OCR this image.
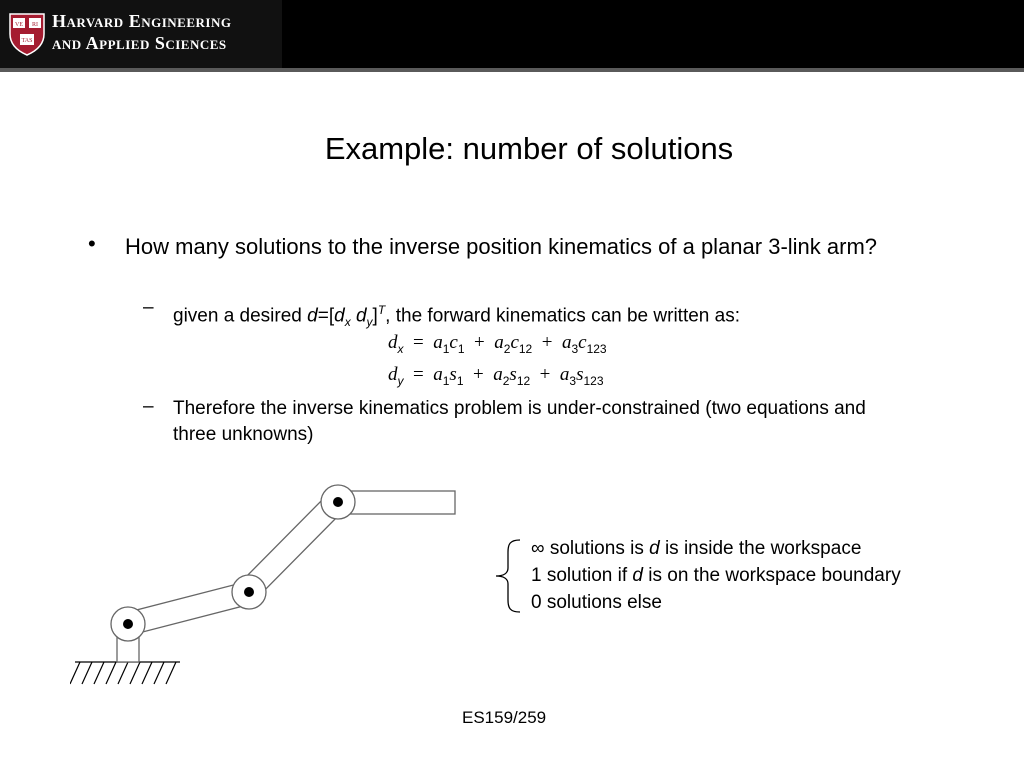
VE RI
TAS
Harvard Engineering
and Applied Sciences
Example: number of solutions
• How many solutions to the inverse position kinematics of a planar 3-link arm?
– given a desired $d=[d_x$ $d_y]^T$, the forward kinematics can be written as:
$d_x = a_1c_1 + a_2c_{12} + a_3c_{123}$
$d_y = a_1s_1 + a_2s_{12} + a_3s_{123}$
– Therefore the inverse kinematics problem is under-constrained (two equations and three unknowns)
∞ solutions is d is inside the workspace
1 solution if d is on the workspace boundary
0 solutions else
ES159/259
